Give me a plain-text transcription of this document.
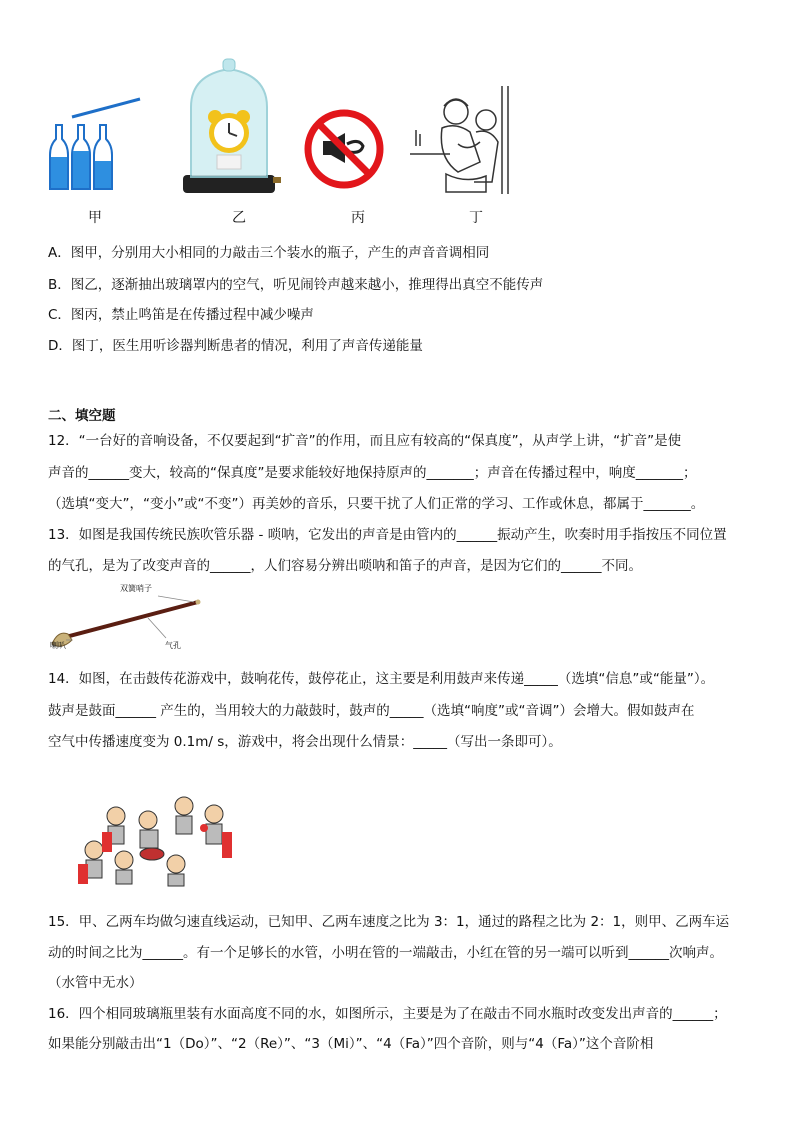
甲	乙	丙	丁
A．图甲，分别用大小相同的力敲击三个装水的瓶子，产生的声音音调相同
B．图乙，逐渐抽出玻璃罩内的空气，听见闹铃声越来越小，推理得出真空不能传声
C．图丙，禁止鸣笛是在传播过程中减少噪声
D．图丁，医生用听诊器判断患者的情况，利用了声音传递能量
二、填空题
12．“一台好的音响设备，不仅要起到“扩音”的作用，而且应有较高的“保真度”，从声学上讲，“扩音”是使
声音的______变大，较高的“保真度”是要求能较好地保持原声的_______；声音在传播过程中，响度_______；
（选填“变大”，“变小”或“不变”）再美妙的音乐，只要干扰了人们正常的学习、工作或休息，都属于_______。
13．如图是我国传统民族吹管乐器 - 唢呐，它发出的声音是由管内的______振动产生，吹奏时用手指按压不同位置
的气孔，是为了改变声音的______，人们容易分辨出唢呐和笛子的声音，是因为它们的______不同。
双簧哨子
喇叭	气孔
14．如图，在击鼓传花游戏中，鼓响花传，鼓停花止，这主要是利用鼓声来传递_____（选填“信息”或“能量”）。
鼓声是鼓面______ 产生的，当用较大的力敲鼓时，鼓声的_____（选填“响度”或“音调”）会增大。假如鼓声在
空气中传播速度变为 0.1m/ s，游戏中，将会出现什么情景：_____（写出一条即可）。
15．甲、乙两车均做匀速直线运动，已知甲、乙两车速度之比为 3：1，通过的路程之比为 2：1，则甲、乙两车运
动的时间之比为______。有一个足够长的水管，小明在管的一端敲击，小红在管的另一端可以听到______次响声。
（水管中无水）
16．四个相同玻璃瓶里装有水面高度不同的水，如图所示，主要是为了在敲击不同水瓶时改变发出声音的______；
如果能分别敲击出“1（Do）”、“2（Re）”、“3（Mi）”、“4（Fa）”四个音阶，则与“4（Fa）”这个音阶相
